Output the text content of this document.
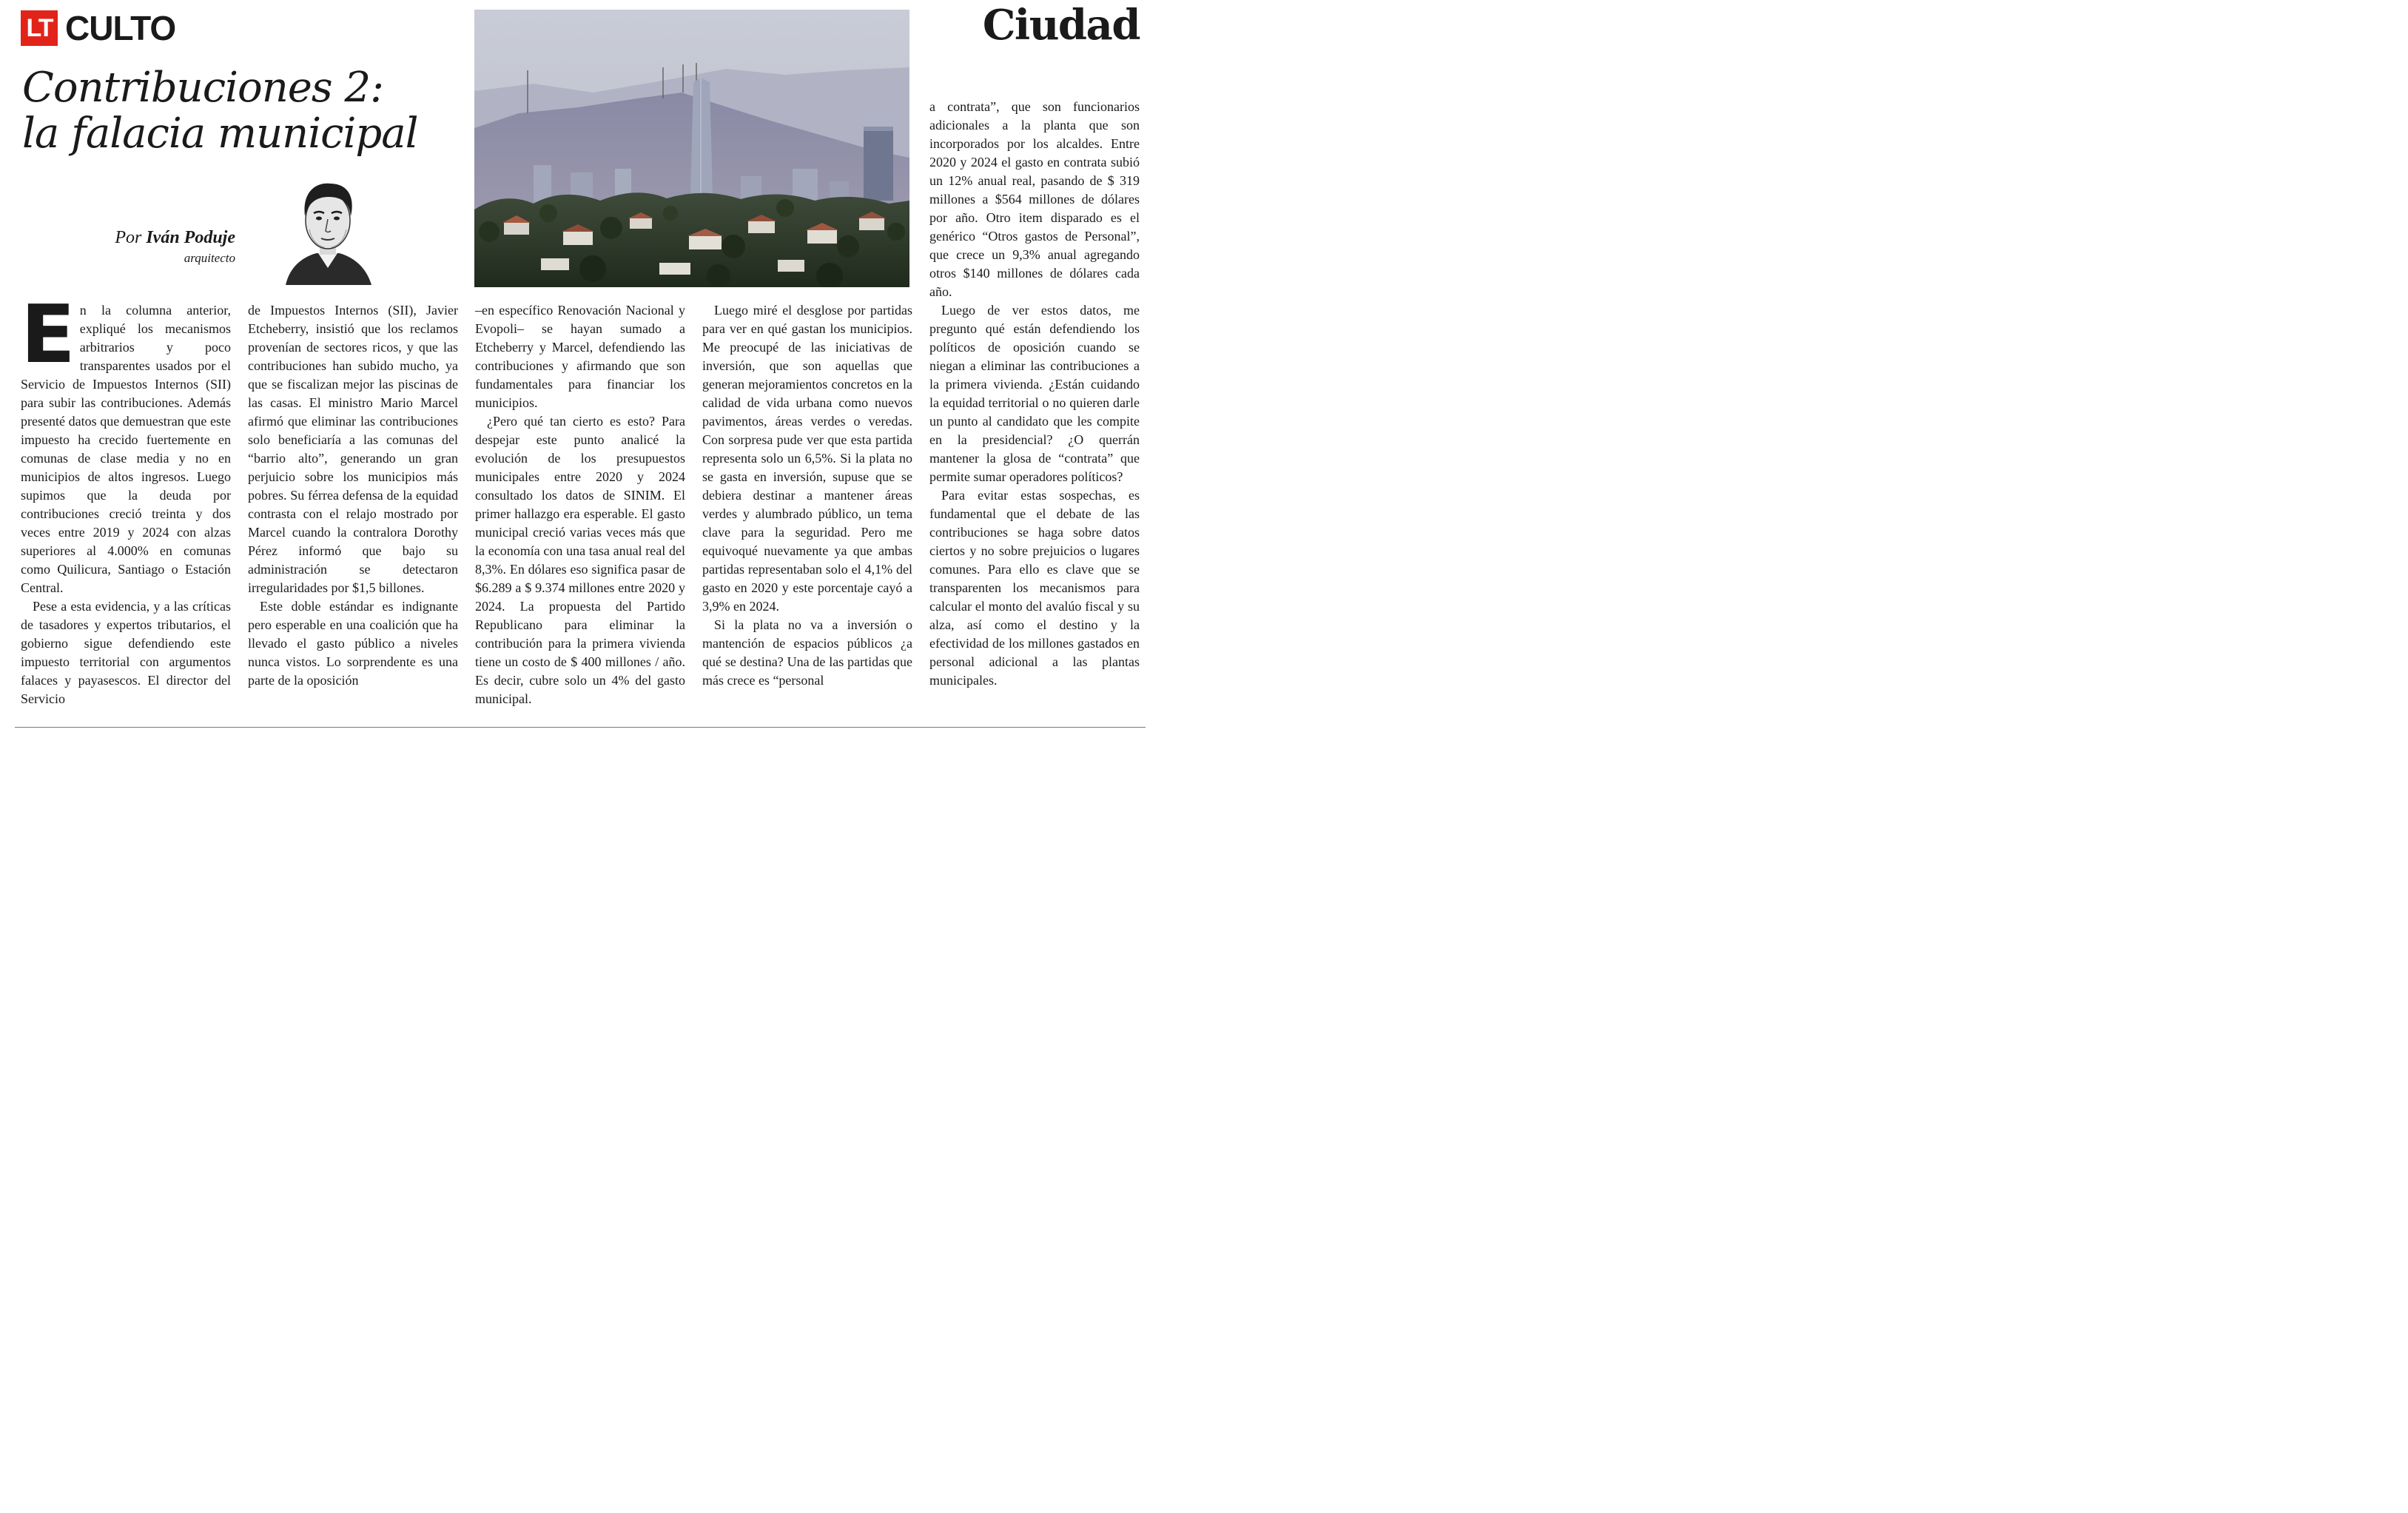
LT CULTO	Ciudad
Contribuciones 2:
la falacia municipal
Por Iván Poduje
arquitecto
E n la columna anterior, expliqué los mecanismos arbitrarios y poco transparentes usados por el Servicio de Impuestos Internos (SII) para subir las contribuciones. Además presenté datos que demuestran que este impuesto ha crecido fuertemente en comunas de clase media y no en municipios de altos ingresos. Luego supimos que la deuda por contribuciones creció treinta y dos veces entre 2019 y 2024 con alzas superiores al 4.000% en comunas como Quilicura, Santiago o Estación Central.

Pese a esta evidencia, y a las críticas de tasadores y expertos tributarios, el gobierno sigue defendiendo este impuesto territorial con argumentos falaces y payasescos. El director del Servicio

de Impuestos Internos (SII), Javier Etcheberry, insistió que los reclamos provenían de sectores ricos, y que las contribuciones han subido mucho, ya que se fiscalizan mejor las piscinas de las casas. El ministro Mario Marcel afirmó que eliminar las contribuciones solo beneficiaría a las comunas del “barrio alto”, generando un gran perjuicio sobre los municipios más pobres. Su férrea defensa de la equidad contrasta con el relajo mostrado por Marcel cuando la contralora Dorothy Pérez informó que bajo su administración se detectaron irregularidades por $1,5 billones.

Este doble estándar es indignante pero esperable en una coalición que ha llevado el gasto público a niveles nunca vistos. Lo sorprendente es una parte de la oposición

–en específico Renovación Nacional y Evopoli– se hayan sumado a Etcheberry y Marcel, defendiendo las contribuciones y afirmando que son fundamentales para financiar los municipios.

¿Pero qué tan cierto es esto? Para despejar este punto analicé la evolución de los presupuestos municipales entre 2020 y 2024 consultado los datos de SINIM. El primer hallazgo era esperable. El gasto municipal creció varias veces más que la economía con una tasa anual real del 8,3%. En dólares eso significa pasar de $6.289 a $ 9.374 millones entre 2020 y 2024. La propuesta del Partido Republicano para eliminar la contribución para la primera vivienda tiene un costo de $ 400 millones / año. Es decir, cubre solo un 4% del gasto municipal.

Luego miré el desglose por partidas para ver en qué gastan los municipios. Me preocupé de las iniciativas de inversión, que son aquellas que generan mejoramientos concretos en la calidad de vida urbana como nuevos pavimentos, áreas verdes o veredas. Con sorpresa pude ver que esta partida representa solo un 6,5%. Si la plata no se gasta en inversión, supuse que se debiera destinar a mantener áreas verdes y alumbrado público, un tema clave para la seguridad. Pero me equivoqué nuevamente ya que ambas partidas representaban solo el 4,1% del gasto en 2020 y este porcentaje cayó a 3,9% en 2024.

Si la plata no va a inversión o mantención de espacios públicos ¿a qué se destina? Una de las partidas que más crece es “personal

a contrata”, que son funcionarios adicionales a la planta que son incorporados por los alcaldes. Entre 2020 y 2024 el gasto en contrata subió un 12% anual real, pasando de $ 319 millones a $564 millones de dólares por año. Otro item disparado es el genérico “Otros gastos de Personal”, que crece un 9,3% anual agregando otros $140 millones de dólares cada año.

Luego de ver estos datos, me pregunto qué están defendiendo los políticos de oposición cuando se niegan a eliminar las contribuciones a la primera vivienda. ¿Están cuidando la equidad territorial o no quieren darle un punto al candidato que les compite en la presidencial? ¿O querrán mantener la glosa de “contrata” que permite sumar operadores políticos?

Para evitar estas sospechas, es fundamental que el debate de las contribuciones se haga sobre datos ciertos y no sobre prejuicios o lugares comunes. Para ello es clave que se transparenten los mecanismos para calcular el monto del avalúo fiscal y su alza, así como el destino y la efectividad de los millones gastados en personal adicional a las plantas municipales.
